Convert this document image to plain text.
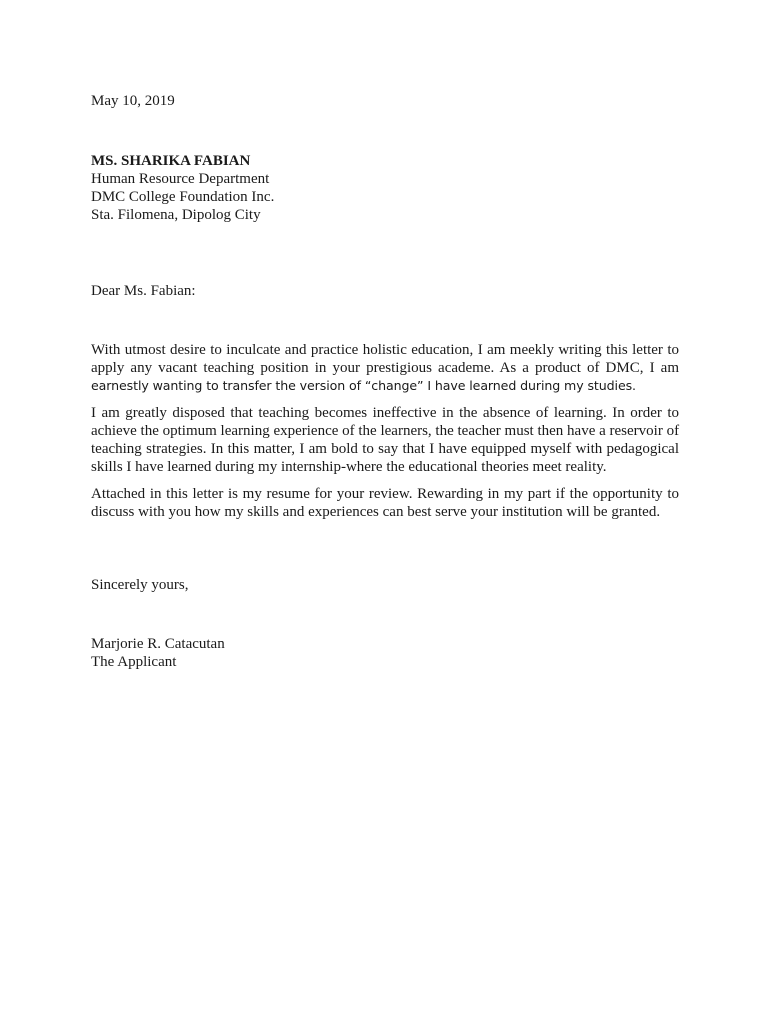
May 10, 2019
MS. SHARIKA FABIAN
Human Resource Department
DMC College Foundation Inc.
Sta. Filomena, Dipolog City
Dear Ms. Fabian:
With utmost desire to inculcate and practice holistic education, I am meekly writing this letter to
apply any vacant teaching position in your prestigious academe. As a product of DMC, I am
earnestly wanting to transfer the version of “change” I have learned during my studies.
I am greatly disposed that teaching becomes ineffective in the absence of learning. In order to
achieve the optimum learning experience of the learners, the teacher must then have a reservoir of
teaching strategies. In this matter, I am bold to say that I have equipped myself with pedagogical
skills I have learned during my internship-where the educational theories meet reality.
Attached in this letter is my resume for your review. Rewarding in my part if the opportunity to
discuss with you how my skills and experiences can best serve your institution will be granted.
Sincerely yours,
Marjorie R. Catacutan
The Applicant
